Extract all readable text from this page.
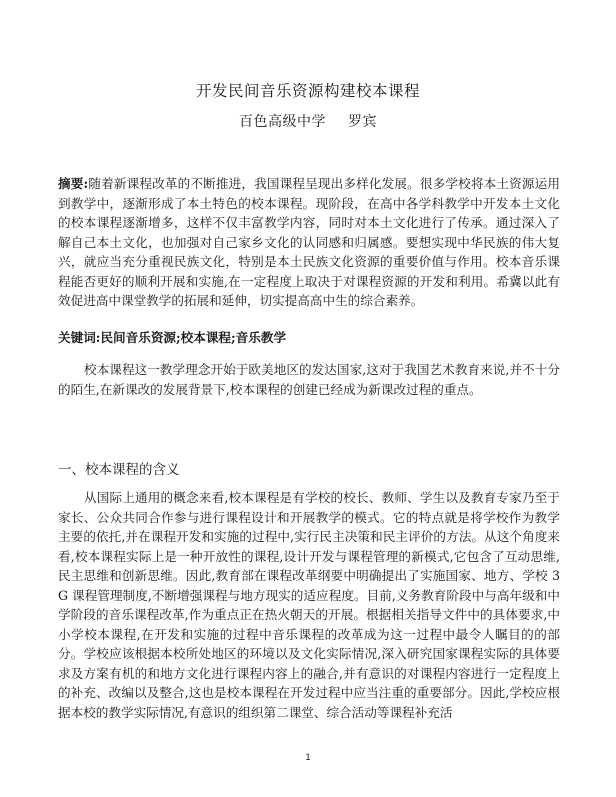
开发民间音乐资源构建校本课程
百色高级中学 罗宾

摘要:随着新课程改革的不断推进，我国课程呈现出多样化发展。很多学校将本土资源运用到教学中，逐渐形成了本土特色的校本课程。现阶段，在高中各学科教学中开发本土文化的校本课程逐渐增多，这样不仅丰富教学内容，同时对本土文化进行了传承。通过深入了解自己本土文化，也加强对自己家乡文化的认同感和归属感。要想实现中华民族的伟大复兴，就应当充分重视民族文化，特别是本土民族文化资源的重要价值与作用。校本音乐课程能否更好的顺利开展和实施,在一定程度上取决于对课程资源的开发和利用。希冀以此有效促进高中课堂教学的拓展和延伸，切实提高高中生的综合素养。

关键词:民间音乐资源;校本课程;音乐教学

校本课程这一教学理念开始于欧美地区的发达国家,这对于我国艺术教育来说,并不十分的陌生,在新课改的发展背景下,校本课程的创建已经成为新课改过程的重点。

一、校本课程的含义

从国际上通用的概念来看,校本课程是有学校的校长、教师、学生以及教育专家乃至于家长、公众共同合作参与进行课程设计和开展教学的模式。它的特点就是将学校作为教学主要的依托,并在课程开发和实施的过程中,实行民主决策和民主评价的方法。从这个角度来看,校本课程实际上是一种开放性的课程,设计开发与课程管理的新模式,它包含了互动思维,民主思维和创新思维。因此,教育部在课程改革纲要中明确提出了实施国家、地方、学校 3G 课程管理制度,不断增强课程与地方现实的适应程度。目前,义务教育阶段中与高年级和中学阶段的音乐课程改革,作为重点正在热火朝天的开展。根据相关指导文件中的具体要求,中小学校本课程,在开发和实施的过程中音乐课程的改革成为这一过程中最令人瞩目的的部分。学校应该根据本校所处地区的环境以及文化实际情况,深入研究国家课程实际的具体要求及方案有机的和地方文化进行课程内容上的融合,并有意识的对课程内容进行一定程度上的补充、改编以及整合,这也是校本课程在开发过程中应当注重的重要部分。因此,学校应根据本校的教学实际情况,有意识的组织第二课堂、综合活动等课程补充活

1
